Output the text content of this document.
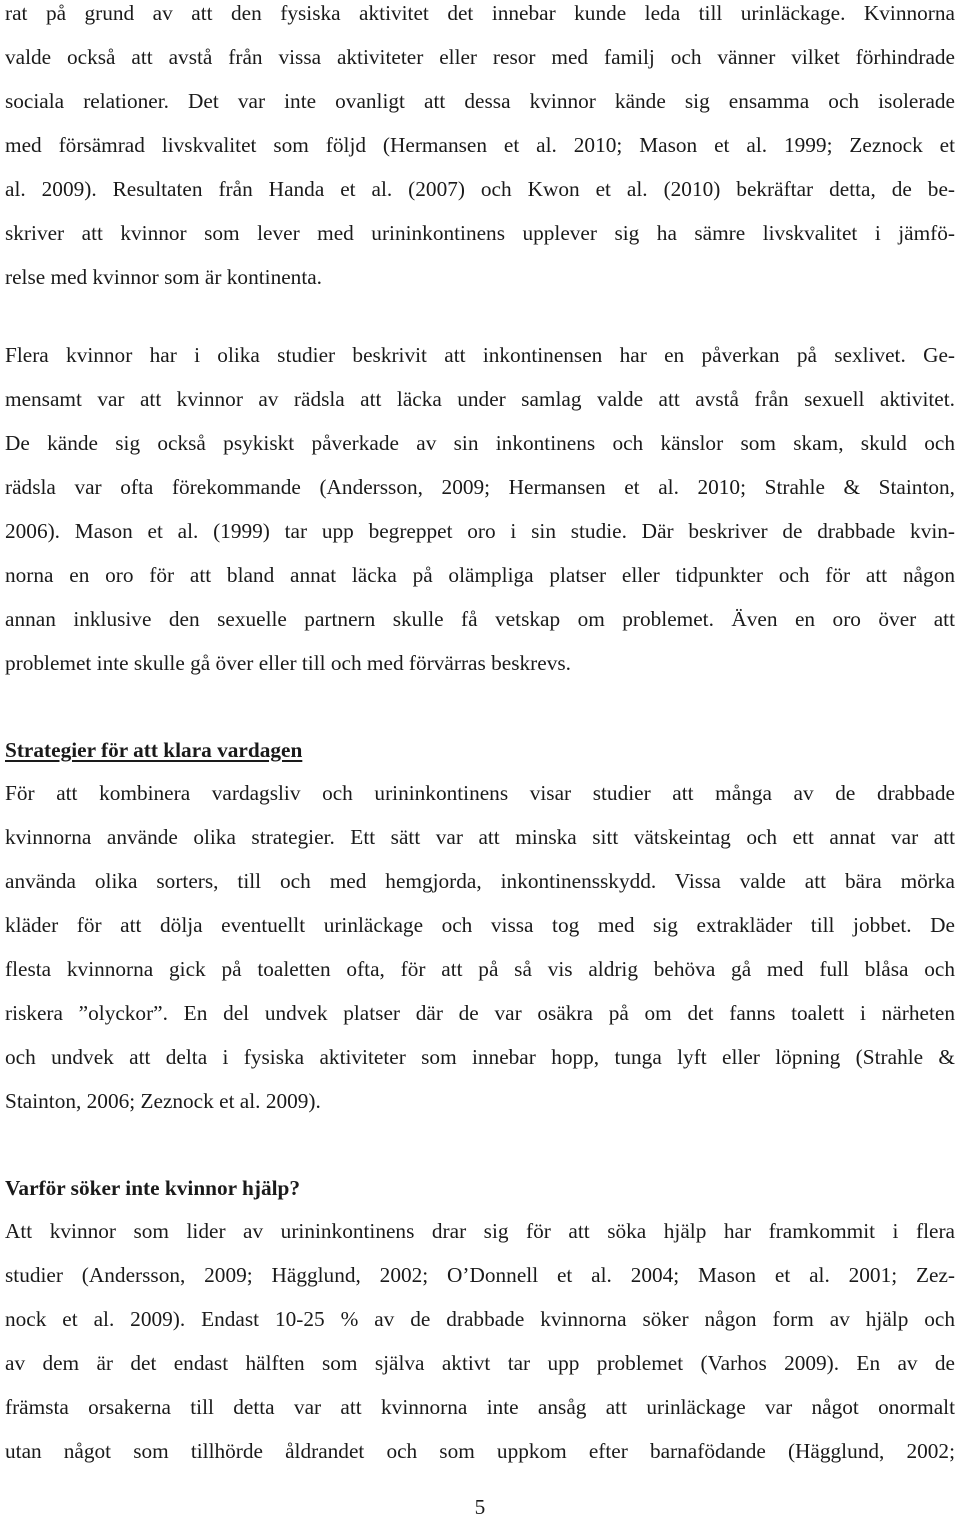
rat på grund av att den fysiska aktivitet det innebar kunde leda till urinläckage. Kvinnorna
valde också att avstå från vissa aktiviteter eller resor med familj och vänner vilket förhindrade
sociala relationer. Det var inte ovanligt att dessa kvinnor kände sig ensamma och isolerade
med försämrad livskvalitet som följd (Hermansen et al. 2010; Mason et al. 1999; Zeznock et
al. 2009). Resultaten från Handa et al. (2007) och Kwon et al. (2010) bekräftar detta, de be-
skriver att kvinnor som lever med urininkontinens upplever sig ha sämre livskvalitet i jämfö-
relse med kvinnor som är kontinenta.
Flera kvinnor har i olika studier beskrivit att inkontinensen har en påverkan på sexlivet. Ge-
mensamt var att kvinnor av rädsla att läcka under samlag valde att avstå från sexuell aktivitet.
De kände sig också psykiskt påverkade av sin inkontinens och känslor som skam, skuld och
rädsla var ofta förekommande (Andersson, 2009; Hermansen et al. 2010; Strahle & Stainton,
2006). Mason et al. (1999) tar upp begreppet oro i sin studie. Där beskriver de drabbade kvin-
norna en oro för att bland annat läcka på olämpliga platser eller tidpunkter och för att någon
annan inklusive den sexuelle partnern skulle få vetskap om problemet. Även en oro över att
problemet inte skulle gå över eller till och med förvärras beskrevs.
Strategier för att klara vardagen
För att kombinera vardagsliv och urininkontinens visar studier att många av de drabbade
kvinnorna använde olika strategier. Ett sätt var att minska sitt vätskeintag och ett annat var att
använda olika sorters, till och med hemgjorda, inkontinensskydd. Vissa valde att bära mörka
kläder för att dölja eventuellt urinläckage och vissa tog med sig extrakläder till jobbet. De
flesta kvinnorna gick på toaletten ofta, för att på så vis aldrig behöva gå med full blåsa och
riskera ”olyckor”. En del undvek platser där de var osäkra på om det fanns toalett i närheten
och undvek att delta i fysiska aktiviteter som innebar hopp, tunga lyft eller löpning (Strahle &
Stainton, 2006; Zeznock et al. 2009).
Varför söker inte kvinnor hjälp?
Att kvinnor som lider av urininkontinens drar sig för att söka hjälp har framkommit i flera
studier (Andersson, 2009; Hägglund, 2002; O’Donnell et al. 2004; Mason et al. 2001; Zez-
nock et al. 2009). Endast 10-25 % av de drabbade kvinnorna söker någon form av hjälp och
av dem är det endast hälften som själva aktivt tar upp problemet (Varhos 2009). En av de
främsta orsakerna till detta var att kvinnorna inte ansåg att urinläckage var något onormalt
utan något som tillhörde åldrandet och som uppkom efter barnafödande (Hägglund, 2002;
5
